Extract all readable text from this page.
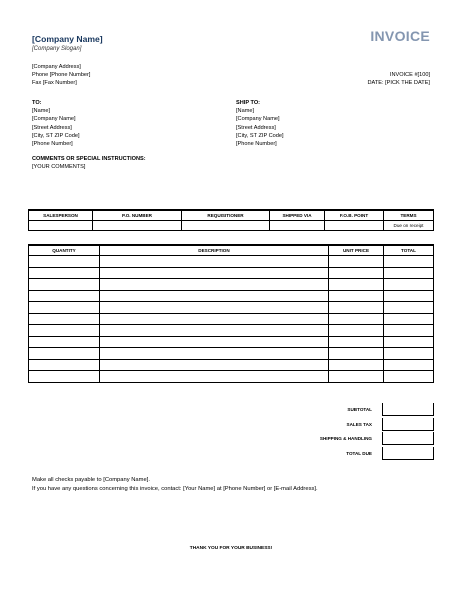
[Company Name]
[Company Slogan]
INVOICE
[Company Address]
Phone [Phone Number]
Fax [Fax Number]
INVOICE #[100]
DATE: [PICK THE DATE]
TO:
[Name]
[Company Name]
[Street Address]
[City, ST ZIP Code]
[Phone Number]
SHIP TO:
[Name]
[Company Name]
[Street Address]
[City, ST ZIP Code]
[Phone Number]
COMMENTS OR SPECIAL INSTRUCTIONS:
[YOUR COMMENTS]
SALESPERSON	P.O. NUMBER	REQUISITIONER	SHIPPED VIA	F.O.B. POINT	TERMS
					Due on receipt
QUANTITY	DESCRIPTION	UNIT PRICE	TOTAL

SUBTOTAL
SALES TAX
SHIPPING & HANDLING
TOTAL DUE
Make all checks payable to [Company Name].
If you have any questions concerning this invoice, contact: [Your Name] at [Phone Number] or [E-mail Address].
THANK YOU FOR YOUR BUSINESS!
